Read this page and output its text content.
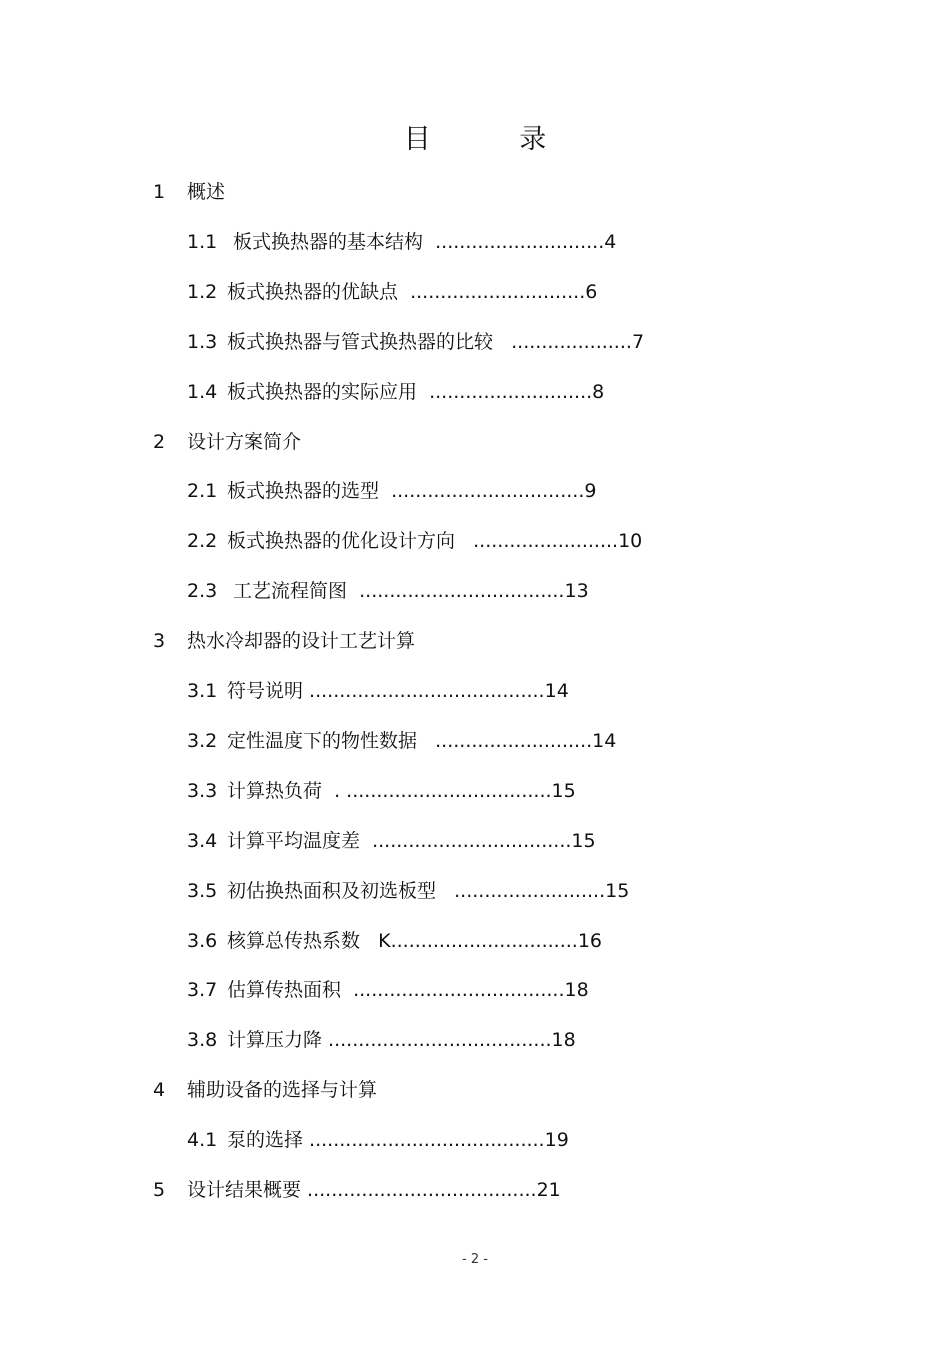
目 录
1 概述
1.1 板式换热器的基本结构  ............................4
1.2 板式换热器的优缺点  .............................6
1.3 板式换热器与管式换热器的比较   ....................7
1.4 板式换热器的实际应用  ...........................8
2 设计方案简介
2.1 板式换热器的选型  ................................9
2.2 板式换热器的优化设计方向   ........................10
2.3 工艺流程简图  ..................................13
3 热水冷却器的设计工艺计算
3.1 符号说明 .......................................14
3.2 定性温度下的物性数据   ..........................14
3.3 计算热负荷  . ..................................15
3.4 计算平均温度差  .................................15
3.5 初估换热面积及初选板型   .........................15
3.6 核算总传热系数   K...............................16
3.7 估算传热面积  ...................................18
3.8 计算压力降 .....................................18
4 辅助设备的选择与计算
4.1 泵的选择 .......................................19
5 设计结果概要 ......................................21
- 2 -
